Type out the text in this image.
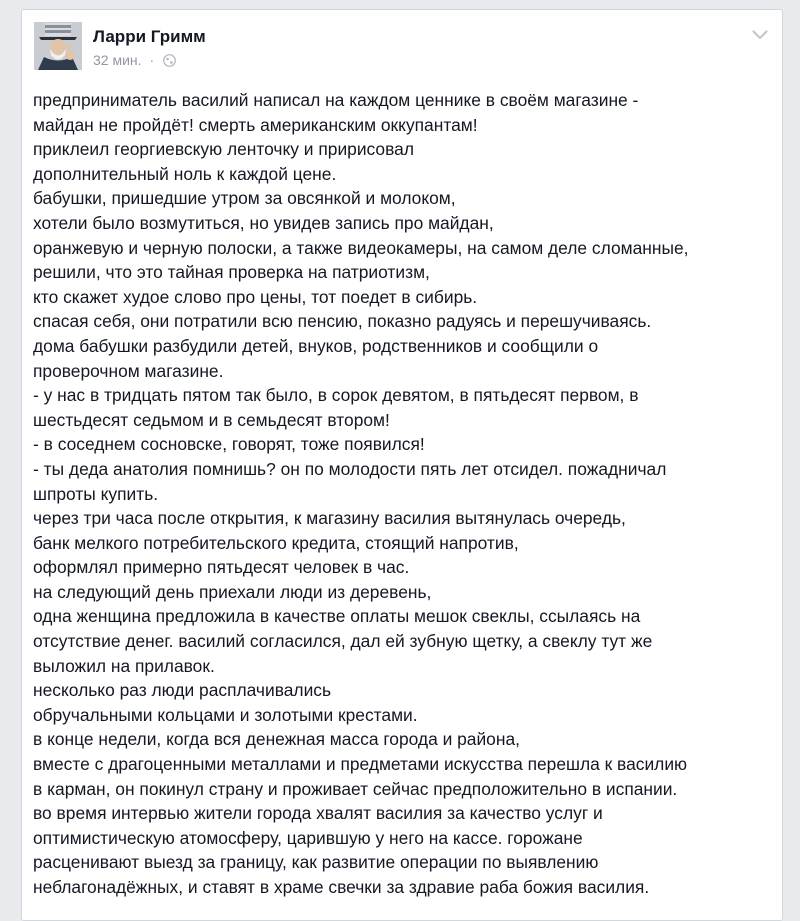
Ларри Гримм
32 мин. ·
предприниматель василий написал на каждом ценнике в своём магазине -
майдан не пройдёт! смерть американским оккупантам!
приклеил георгиевскую ленточку и пририсовал
дополнительный ноль к каждой цене.
бабушки, пришедшие утром за овсянкой и молоком,
хотели было возмутиться, но увидев запись про майдан,
оранжевую и черную полоски, а также видеокамеры, на самом деле сломанные,
решили, что это тайная проверка на патриотизм,
кто скажет худое слово про цены, тот поедет в сибирь.
спасая себя, они потратили всю пенсию, показно радуясь и перешучиваясь.
дома бабушки разбудили детей, внуков, родственников и сообщили о
проверочном магазине.
- у нас в тридцать пятом так было, в сорок девятом, в пятьдесят первом, в
шестьдесят седьмом и в семьдесят втором!
- в соседнем сосновске, говорят, тоже появился!
- ты деда анатолия помнишь? он по молодости пять лет отсидел. пожадничал
шпроты купить.
через три часа после открытия, к магазину василия вытянулась очередь,
банк мелкого потребительского кредита, стоящий напротив,
оформлял примерно пятьдесят человек в час.
на следующий день приехали люди из деревень,
одна женщина предложила в качестве оплаты мешок свеклы, ссылаясь на
отсутствие денег. василий согласился, дал ей зубную щетку, а свеклу тут же
выложил на прилавок.
несколько раз люди расплачивались
обручальными кольцами и золотыми крестами.
в конце недели, когда вся денежная масса города и района,
вместе с драгоценными металлами и предметами искусства перешла к василию
в карман, он покинул страну и проживает сейчас предположительно в испании.
во время интервью жители города хвалят василия за качество услуг и
оптимистическую атомосферу, царившую у него на кассе. горожане
расценивают выезд за границу, как развитие операции по выявлению
неблагонадёжных, и ставят в храме свечки за здравие раба божия василия.
